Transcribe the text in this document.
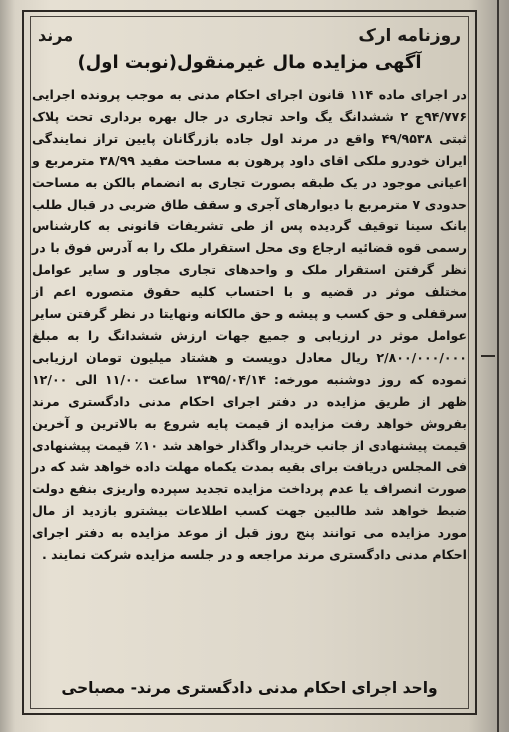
روزنامه ارک
مرند
آگهی مزایده مال غیرمنقول(نوبت اول)
در اجرای ماده ۱۱۴ قانون اجرای احکام مدنی به موجب پرونده اجرایی ۹۴/۷۷۶ج ۲ ششدانگ یگ واحد تجاری در جال بهره برداری تحت پلاک ثبتی ۴۹/۹۵۳۸ واقع در مرند اول جاده بازرگانان پایین تراز نمایندگی ایران خودرو ملکی اقای داود پرهون به مساحت مفید ۳۸/۹۹ مترمربع و اعیانی موجود در یک طبقه بصورت تجاری به انضمام بالکن به مساحت حدودی ۷ مترمربع با دیوارهای آجری و سقف طاق ضربی در قبال طلب بانک سینا توقیف گردیده پس از طی تشریفات قانونی به کارشناس رسمی قوه قضائیه ارجاع وی محل استقرار ملک را به آدرس فوق با در نظر گرفتن استقرار ملک و واحدهای تجاری مجاور و سایر عوامل مختلف موثر در قضیه و با احتساب کلیه حقوق متصوره اعم از سرقفلی و حق کسب و پیشه و حق مالکانه ونهایتا در نظر گرفتن سایر عوامل موثر در ارزیابی و جمیع جهات ارزش ششدانگ را به مبلغ ۲/۸۰۰/۰۰۰/۰۰۰ ریال معادل دویست و هشتاد میلیون تومان ارزیابی نموده که روز دوشنبه مورخه: ۱۳۹۵/۰۴/۱۴ ساعت ۱۱/۰۰ الی ۱۲/۰۰ ظهر از طریق مزایده در دفتر اجرای احکام مدنی دادگستری مرند بفروش خواهد رفت مزایده از قیمت پایه شروع به بالاترین و آخرین قیمت پیشنهادی از جانب خریدار واگذار خواهد شد ۱۰٪ قیمت پیشنهادی فی المجلس دریافت برای بقیه بمدت یکماه مهلت داده خواهد شد که در صورت انصراف یا عدم پرداخت مزایده تجدید سپرده واریزی بنفع دولت ضبط خواهد شد طالبین جهت کسب اطلاعات بیشترو بازدید از مال مورد مزایده می توانند پنج روز قبل از موعد مزایده به دفتر اجرای احکام مدنی دادگستری مرند مراجعه و در جلسه مزایده شرکت نمایند .
واحد اجرای احکام مدنی دادگستری مرند- مصباحی
